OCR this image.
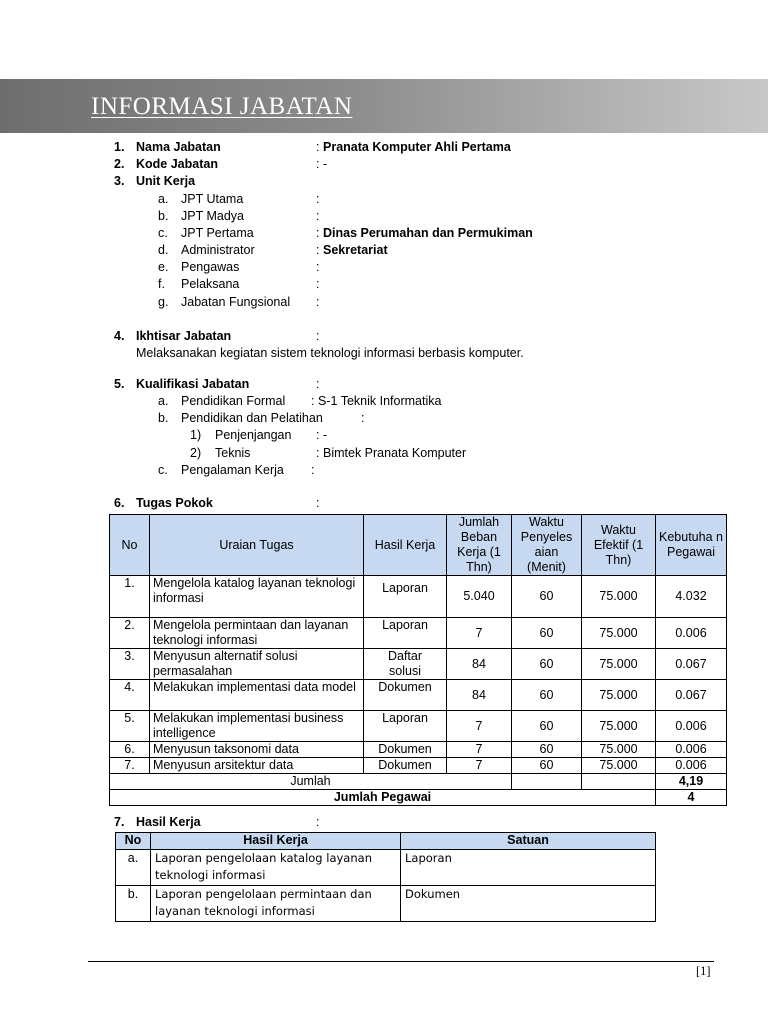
INFORMASI JABATAN
1. Nama Jabatan	: Pranata Komputer Ahli Pertama
2. Kode Jabatan	: -
3. Unit Kerja
a. JPT Utama	:
b. JPT Madya	:
c. JPT Pertama	: Dinas Perumahan dan Permukiman
d. Administrator	: Sekretariat
e. Pengawas	:
f. Pelaksana	:
g. Jabatan Fungsional :
4. Ikhtisar Jabatan	:
Melaksanakan kegiatan sistem teknologi informasi berbasis komputer.
5. Kualifikasi Jabatan	:
a. Pendidikan Formal : S-1 Teknik Informatika
b. Pendidikan dan Pelatihan	:
1) Penjenjangan : -
2) Teknis	: Bimtek Pranata Komputer
c. Pengalaman Kerja :
6. Tugas Pokok	:
No	Uraian Tugas	Hasil Kerja	Jumlah Beban Kerja (1 Thn)	Waktu Penyeles aian (Menit)	Waktu Efektif (1 Thn)	Kebutuha n Pegawai
1.	Mengelola katalog layanan teknologi informasi	Laporan	5.040	60	75.000	4.032
2.	Mengelola permintaan dan layanan teknologi informasi	Laporan	7	60	75.000	0.006
3.	Menyusun alternatif solusi permasalahan	Daftar solusi	84	60	75.000	0.067
4.	Melakukan implementasi data model	Dokumen	84	60	75.000	0.067
5.	Melakukan implementasi business intelligence	Laporan	7	60	75.000	0.006
6.	Menyusun taksonomi data	Dokumen	7	60	75.000	0.006
7.	Menyusun arsitektur data	Dokumen	7	60	75.000	0.006
Jumlah						4,19
Jumlah Pegawai						4
7. Hasil Kerja	:
No	Hasil Kerja	Satuan
a.	Laporan pengelolaan katalog layanan teknologi informasi	Laporan
b.	Laporan pengelolaan permintaan dan layanan teknologi informasi	Dokumen
[1]
